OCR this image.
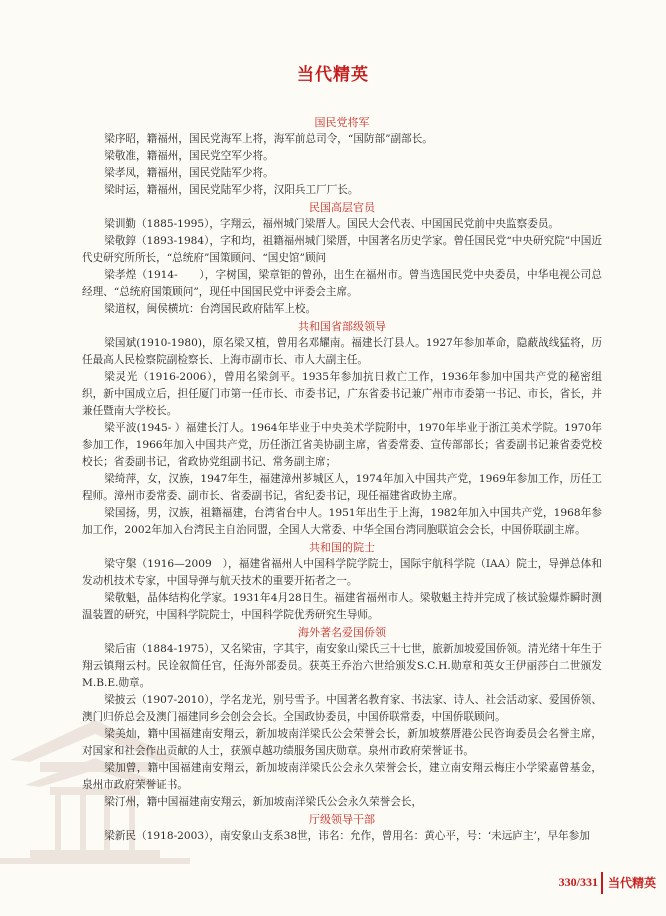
当代精英
国民党将军

梁序昭，籍福州，国民党海军上将，海军前总司令，“国防部”副部长。

梁敬准，籍福州，国民党空军少将。

梁孝凤，籍福州，国民党陆军少将。

梁时运，籍福州，国民党陆军少将，汉阳兵工厂厂长。

民国高层官员

梁训勤（1885-1995），字翔云，福州城门梁厝人。国民大会代表、中国国民党前中央监察委员。

梁敬錞（1893-1984），字和均，祖籍福州城门梁厝，中国著名历史学家。曾任国民党“中央研究院”中国近代史研究所所长，“总统府”国策顾问、“国史馆”顾问

梁孝煌（1914-　　），字树国，梁章钜的曾孙，出生在福州市。曾当选国民党中央委员，中华电视公司总经理、“总统府国策顾问”，现任中国国民党中评委会主席。

梁道权，闽侯横坑：台湾国民政府陆军上校。

共和国省部级领导

梁国斌(1910-1980)，原名梁又植，曾用名邓耀南。福建长汀县人。1927年参加革命，隐蔽战线猛将，历任最高人民检察院副检察长、上海市副市长、市人大副主任。

梁灵光（1916-2006），曾用名梁剑平。1935年参加抗日救亡工作，1936年参加中国共产党的秘密组织，新中国成立后，担任厦门市第一任市长、市委书记，广东省委书记兼广州市市委第一书记、市长，省长，并兼任暨南大学校长。

梁平波(1945- ）福建长汀人。1964年毕业于中央美术学院附中，1970年毕业于浙江美术学院。1970年参加工作，1966年加入中国共产党，历任浙江省美协副主席，省委常委、宣传部部长；省委副书记兼省委党校校长；省委副书记，省政协党组副书记、常务副主席；

梁绮萍，女，汉族，1947年生，福建漳州芗城区人，1974年加入中国共产党，1969年参加工作，历任工程师。漳州市委常委、副市长、省委副书记，省纪委书记，现任福建省政协主席。

梁国扬，男，汉族，祖籍福建，台湾省台中人。1951年出生于上海，1982年加入中国共产党，1968年参加工作，2002年加入台湾民主自治同盟，全国人大常委、中华全国台湾同胞联谊会会长，中国侨联副主席。

共和国的院士

梁守槃（1916—2009　），福建省福州人中国科学院学院士，国际宇航科学院（IAA）院士，导弹总体和发动机技术专家，中国导弹与航天技术的重要开拓者之一。

梁敬魁，晶体结构化学家。1931年4月28日生。福建省福州市人。梁敬魁主持并完成了核试验爆炸瞬时测温装置的研究，中国科学院院士，中国科学院优秀研究生导师。

海外著名爱国侨领

梁后宙（1884-1975），又名梁宙，字其宇，南安象山梁氏三十七世，旅新加坡爱国侨领。清光绪十年生于翔云镇翔云村。民诠叙简任官，任海外部委员。获英王乔治六世给颁发S.C.H.勋章和英女王伊丽莎白二世颁发M.B.E.勋章。

梁披云（1907-2010），学名龙光，别号雪予。中国著名教育家、书法家、诗人、社会活动家、爱国侨领、澳门归侨总会及澳门福建同乡会创会会长。全国政协委员，中国侨联常委，中国侨联顾问。

梁美灿，籍中国福建南安翔云，新加坡南洋梁氏公会荣誉会长，新加坡蔡厝港公民咨询委员会名誉主席，对国家和社会作出贡献的人士，获颁卓越功绩服务国庆勋章。泉州市政府荣誉证书。

梁加曾，籍中国福建南安翔云，新加坡南洋梁氏公会永久荣誉会长，建立南安翔云梅庄小学梁嘉曾基金，泉州市政府荣誉证书。

梁汀州，籍中国福建南安翔云，新加坡南洋梁氏公会永久荣誉会长，

厅级领导干部

梁新民（1918-2003），南安象山支系38世，讳名：允作，曾用名：黄心平，号：‘未远庐主’，早年参加

330/331 当代精英
